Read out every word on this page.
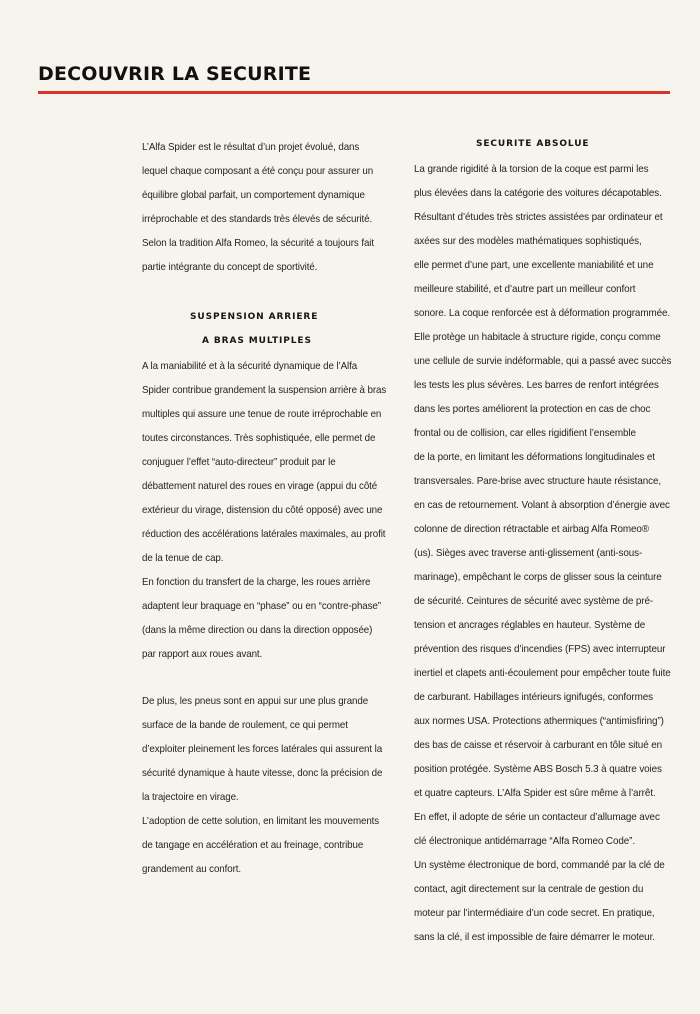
DECOUVRIR LA SECURITE
L’Alfa Spider est le résultat d’un projet évolué, dans
lequel chaque composant a été conçu pour assurer un
équilibre global parfait, un comportement dynamique
irréprochable et des standards très élevés de sécurité.
Selon la tradition Alfa Romeo, la sécurité a toujours fait
partie intégrante du concept de sportivité.
SUSPENSION ARRIERE
A BRAS MULTIPLES
A la maniabilité et à la sécurité dynamique de l’Alfa
Spider contribue grandement la suspension arrière à bras
multiples qui assure une tenue de route irréprochable en
toutes circonstances. Très sophistiquée, elle permet de
conjuguer l’effet “auto-directeur” produit par le
débattement naturel des roues en virage (appui du côté
extérieur du virage, distension du côté opposé) avec une
réduction des accélérations latérales maximales, au profit
de la tenue de cap.
En fonction du transfert de la charge, les roues arrière
adaptent leur braquage en “phase” ou en “contre-phase”
(dans la même direction ou dans la direction opposée)
par rapport aux roues avant.
De plus, les pneus sont en appui sur une plus grande
surface de la bande de roulement, ce qui permet
d’exploiter pleinement les forces latérales qui assurent la
sécurité dynamique à haute vitesse, donc la précision de
la trajectoire en virage.
L’adoption de cette solution, en limitant les mouvements
de tangage en accélération et au freinage, contribue
grandement au confort.
SECURITE ABSOLUE
La grande rigidité à la torsion de la coque est parmi les
plus élevées dans la catégorie des voitures décapotables.
Résultant d’études très strictes assistées par ordinateur et
axées sur des modèles mathématiques sophistiqués,
elle permet d’une part, une excellente maniabilité et une
meilleure stabilité, et d’autre part un meilleur confort
sonore. La coque renforcée est à déformation programmée.
Elle protège un habitacle à structure rigide, conçu comme
une cellule de survie indéformable, qui a passé avec succès
les tests les plus sévères. Les barres de renfort intégrées
dans les portes améliorent la protection en cas de choc
frontal ou de collision, car elles rigidifient l’ensemble
de la porte, en limitant les déformations longitudinales et
transversales. Pare-brise avec structure haute résistance,
en cas de retournement. Volant à absorption d’énergie avec
colonne de direction rétractable et airbag Alfa Romeo®
(us). Sièges avec traverse anti-glissement (anti-sous-
marinage), empêchant le corps de glisser sous la ceinture
de sécurité. Ceintures de sécurité avec système de pré-
tension et ancrages réglables en hauteur. Système de
prévention des risques d’incendies (FPS) avec interrupteur
inertiel et clapets anti-écoulement pour empêcher toute fuite
de carburant. Habillages intérieurs ignifugés, conformes
aux normes USA. Protections athermiques (“antimisfiring”)
des bas de caisse et réservoir à carburant en tôle situé en
position protégée. Système ABS Bosch 5.3 à quatre voies
et quatre capteurs. L’Alfa Spider est sûre même à l’arrêt.
En effet, il adopte de série un contacteur d’allumage avec
clé électronique antidémarrage “Alfa Romeo Code”.
Un système électronique de bord, commandé par la clé de
contact, agit directement sur la centrale de gestion du
moteur par l’intermédiaire d’un code secret. En pratique,
sans la clé, il est impossible de faire démarrer le moteur.
